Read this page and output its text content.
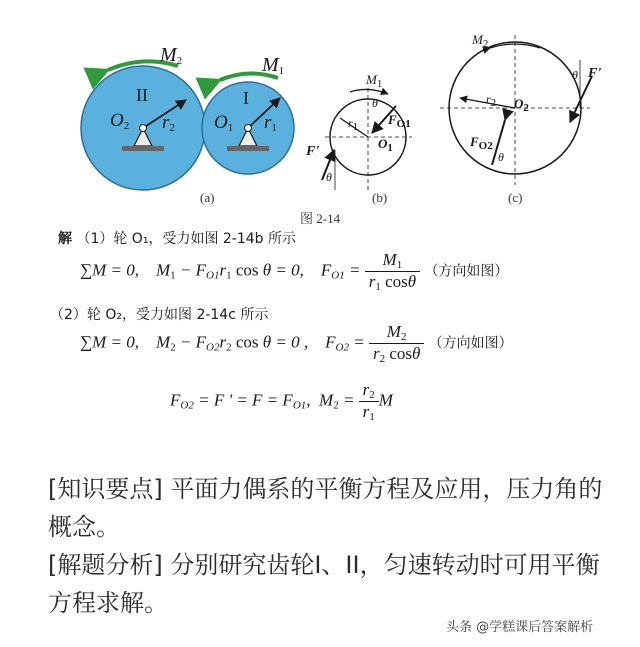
$M_2$	$M_1$
II	I
$O_2$ $r_2$ $O_1$ $r_1$
$M_1$
θ
r1 $F_{O1}$
$O_1$
F'
θ
$M_2$
r2 $O_2$
$F_{O2}$
θ
θ F'
(a)	(b)	(c)
图 2-14
解 （1）轮 O₁，受力如图 2-14b 所示
∑M = 0,    $M_1 - F_{O1}r_1$ cos θ = 0,    $F_{O1} = \frac{M_1}{r_1 \cos\theta}$ （方向如图）
（2）轮 O₂，受力如图 2-14c 所示
∑M = 0,    $M_2 - F_{O2}r_2$ cos θ = 0 ,    $F_{O2} = \frac{M_2}{r_2 \cos\theta}$ （方向如图）
$F_{O2} = F$ ' = $F = F_{O1}$,  $M_2 = \frac{r_2}{r_1}$ M
[知识要点] 平面力偶系的平衡方程及应用，压力角的概念。
[解题分析] 分别研究齿轮I、II，匀速转动时可用平衡方程求解。
头条 @学糕课后答案解析
